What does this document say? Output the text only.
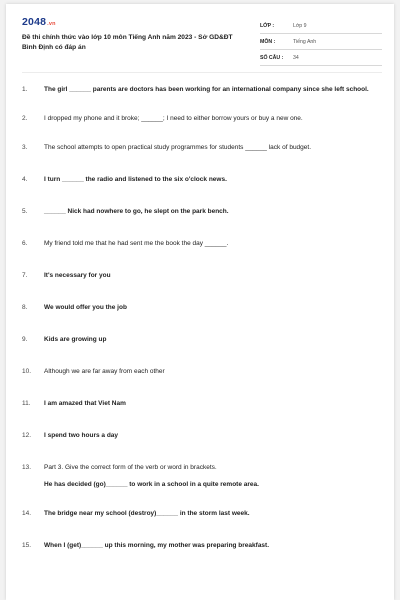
2048.vn
Đề thi chính thức vào lớp 10 môn Tiếng Anh năm 2023 - Sở GD&ĐT Bình Định có đáp án
LỚP :	Lớp 9
MÔN :	Tiếng Anh
SỐ CÂU : 34
1.	The girl ______ parents are doctors has been working for an international company since she left school.
2.	I dropped my phone and it broke; ______; I need to either borrow yours or buy a new one.
3.	The school attempts to open practical study programmes for students ______ lack of budget.
4.	I turn ______ the radio and listened to the six o'clock news.
5.	______ Nick had nowhere to go, he slept on the park bench.
6.	My friend told me that he had sent me the book the day ______.
7.	It's necessary for you
8.	We would offer you the job
9.	Kids are growing up
10. Although we are far away from each other
11. I am amazed that Viet Nam
12. I spend two hours a day
13. Part 3. Give the correct form of the verb or word in brackets.
He has decided (go)______ to work in a school in a quite remote area.
14. The bridge near my school (destroy)______ in the storm last week.
15. When I (get)______ up this morning, my mother was preparing breakfast.
